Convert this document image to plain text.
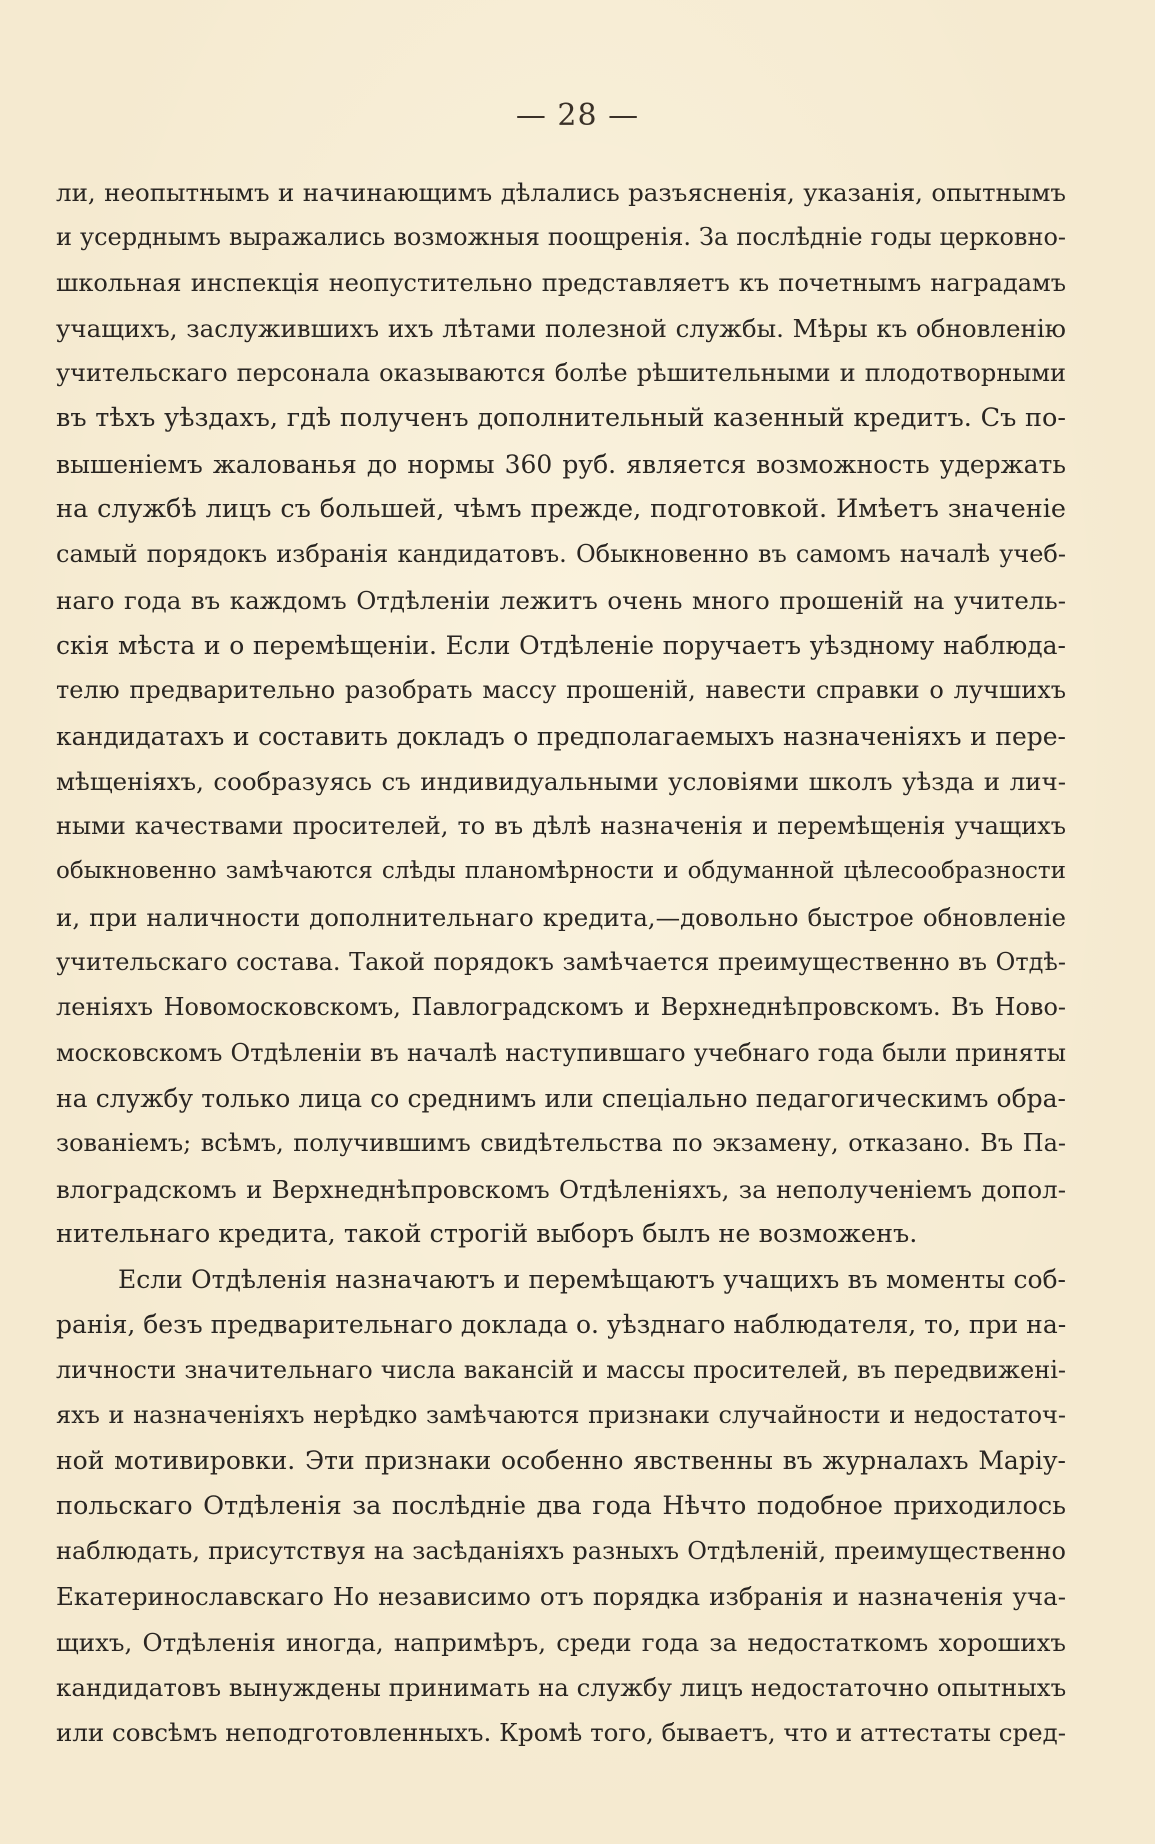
— 28 —
ли, неопытнымъ и начинающимъ дѣлались разъясненія, указанія, опытнымъ
и усерднымъ выражались возможныя поощренія. За послѣдніе годы церковно-
школьная инспекція неопустительно представляетъ къ почетнымъ наградамъ
учащихъ, заслужившихъ ихъ лѣтами полезной службы. Мѣры къ обновленію
учительскаго персонала оказываются болѣе рѣшительными и плодотворными
въ тѣхъ уѣздахъ, гдѣ полученъ дополнительный казенный кредитъ. Съ по-
вышеніемъ жалованья до нормы 360 руб. является возможность удержать
на службѣ лицъ съ большей, чѣмъ прежде, подготовкой. Имѣетъ значеніе
самый порядокъ избранія кандидатовъ. Обыкновенно въ самомъ началѣ учеб-
наго года въ каждомъ Отдѣленіи лежитъ очень много прошеній на учитель-
скія мѣста и о перемѣщеніи. Если Отдѣленіе поручаетъ уѣздному наблюда-
телю предварительно разобрать массу прошеній, навести справки о лучшихъ
кандидатахъ и составить докладъ о предполагаемыхъ назначеніяхъ и пере-
мѣщеніяхъ, сообразуясь съ индивидуальными условіями школъ уѣзда и лич-
ными качествами просителей, то въ дѣлѣ назначенія и перемѣщенія учащихъ
обыкновенно замѣчаются слѣды планомѣрности и обдуманной цѣлесообразности
и, при наличности дополнительнаго кредита,—довольно быстрое обновленіе
учительскаго состава. Такой порядокъ замѣчается преимущественно въ Отдѣ-
леніяхъ Новомосковскомъ, Павлоградскомъ и Верхнеднѣпровскомъ. Въ Ново-
московскомъ Отдѣленіи въ началѣ наступившаго учебнаго года были приняты
на службу только лица со среднимъ или спеціально педагогическимъ обра-
зованіемъ; всѣмъ, получившимъ свидѣтельства по экзамену, отказано. Въ Па-
влоградскомъ и Верхнеднѣпровскомъ Отдѣленіяхъ, за неполученіемъ допол-
нительнаго кредита, такой строгій выборъ былъ не возможенъ.
Если Отдѣленія назначаютъ и перемѣщаютъ учащихъ въ моменты соб-
ранія, безъ предварительнаго доклада о. уѣзднаго наблюдателя, то, при на-
личности значительнаго числа вакансій и массы просителей, въ передвиженi-
яхъ и назначеніяхъ нерѣдко замѣчаются признаки случайности и недостаточ-
ной мотивировки. Эти признаки особенно явственны въ журналахъ Маріу-
польскаго Отдѣленія за послѣдніе два года Нѣчто подобное приходилось
наблюдать, присутствуя на засѣданіяхъ разныхъ Отдѣленій, преимущественно
Екатеринославскаго Но независимо отъ порядка избранія и назначенія уча-
щихъ, Отдѣленія иногда, напримѣръ, среди года за недостаткомъ хорошихъ
кандидатовъ вынуждены принимать на службу лицъ недостаточно опытныхъ
или совсѣмъ неподготовленныхъ. Кромѣ того, бываетъ, что и аттестаты сред-
